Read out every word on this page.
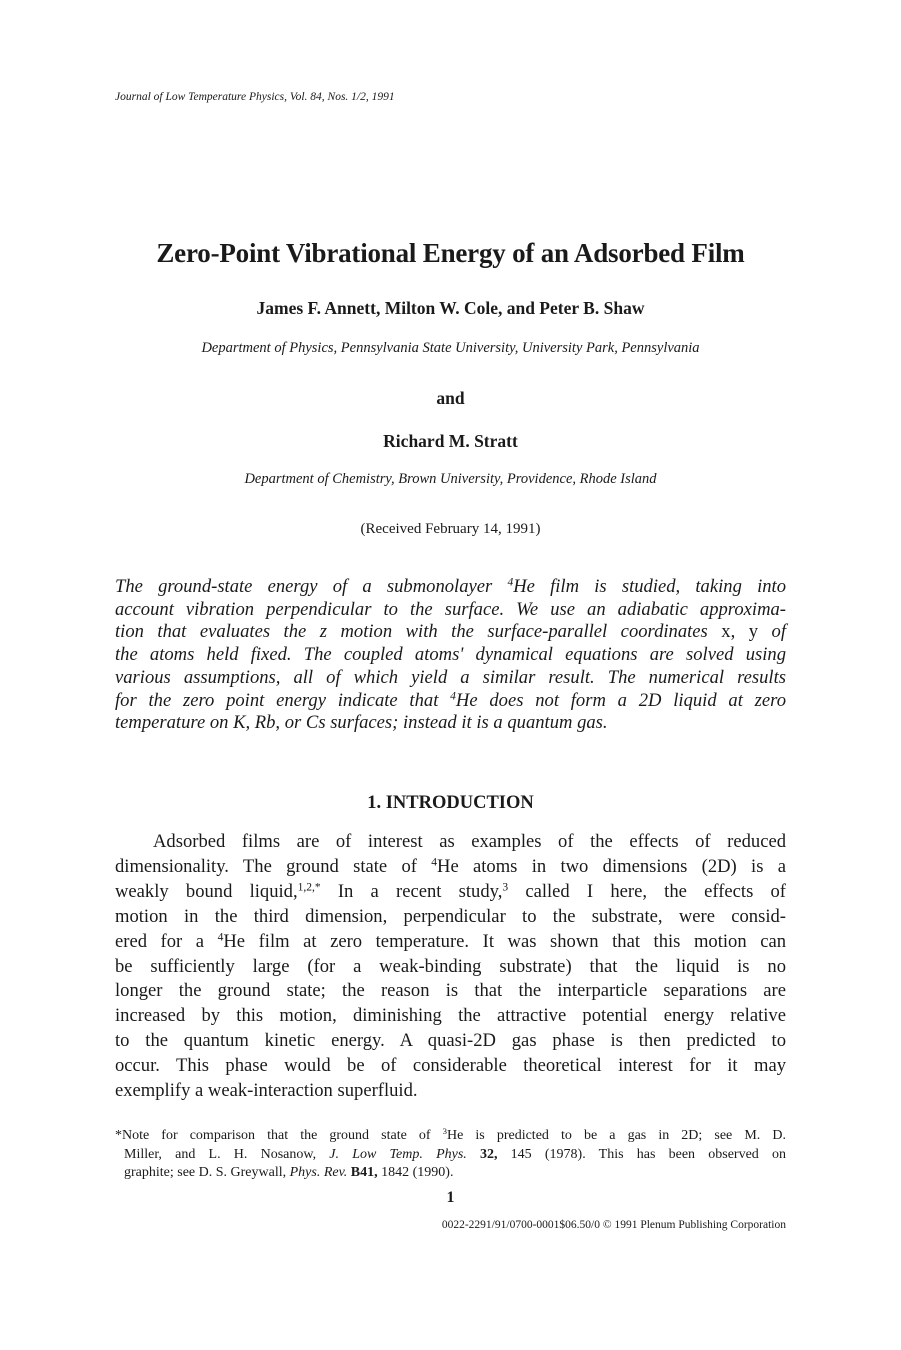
Journal of Low Temperature Physics, Vol. 84, Nos. 1/2, 1991
Zero-Point Vibrational Energy of an Adsorbed Film
James F. Annett, Milton W. Cole, and Peter B. Shaw
Department of Physics, Pennsylvania State University, University Park, Pennsylvania
and
Richard M. Stratt
Department of Chemistry, Brown University, Providence, Rhode Island
(Received February 14, 1991)
The ground-state energy of a submonolayer $^4$He film is studied, taking into
account vibration perpendicular to the surface. We use an adiabatic approxima-
tion that evaluates the z motion with the surface-parallel coordinates x, y of
the atoms held fixed. The coupled atoms' dynamical equations are solved using
various assumptions, all of which yield a similar result. The numerical results
for the zero point energy indicate that $^4$He does not form a 2D liquid at zero
temperature on K, Rb, or Cs surfaces; instead it is a quantum gas.
1. INTRODUCTION
Adsorbed films are of interest as examples of the effects of reduced
dimensionality. The ground state of $^4$He atoms in two dimensions (2D) is a
weakly bound liquid,$^{1,2,*}$ In a recent study,$^3$ called I here, the effects of
motion in the third dimension, perpendicular to the substrate, were consid-
ered for a $^4$He film at zero temperature. It was shown that this motion can
be sufficiently large (for a weak-binding substrate) that the liquid is no
longer the ground state; the reason is that the interparticle separations are
increased by this motion, diminishing the attractive potential energy relative
to the quantum kinetic energy. A quasi-2D gas phase is then predicted to
occur. This phase would be of considerable theoretical interest for it may
exemplify a weak-interaction superfluid.
*Note for comparison that the ground state of $^3$He is predicted to be a gas in 2D; see M. D.
Miller, and L. H. Nosanow, J. Low Temp. Phys. 32, 145 (1978). This has been observed on
graphite; see D. S. Greywall, Phys. Rev. B41, 1842 (1990).
1
0022-2291/91/0700-0001$06.50/0 © 1991 Plenum Publishing Corporation
